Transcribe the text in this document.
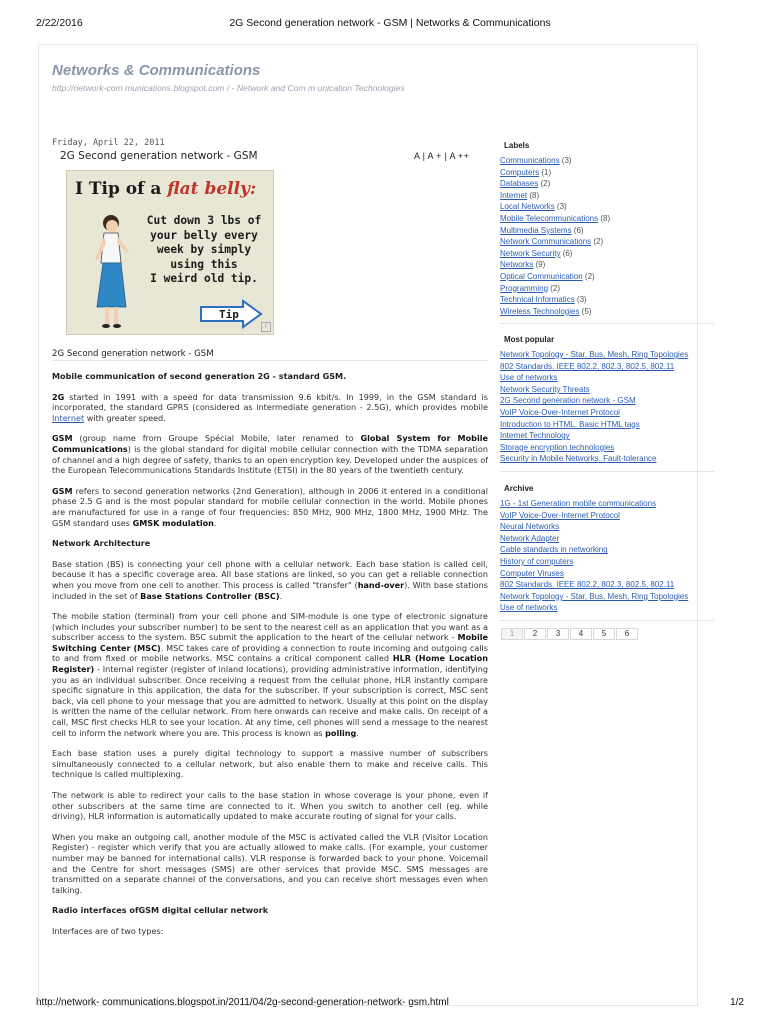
2/22/2016	2G Second generation network - GSM | Networks & Communications
http://network- communications.blogspot.in/2011/04/2g-second-generation-network- gsm.html	1/2
Networks & Communications
http://network-com munications.blogspot.com / - Network and Com m unication Technologies
Friday, April 22, 2011
2G Second generation network - GSM	A | A + | A ++
I Tip of a flat belly:
Cut down 3 lbs of
your belly every
week by simply
using this
I weird old tip.
Tip
i
2G Second generation network - GSM

Mobile communication of second generation 2G - standard GSM.

2G started in 1991 with a speed for data transmission 9.6 kbit/s. In 1999, in the GSM standard is incorporated, the standard GPRS (considered as intermediate generation - 2.5G), which provides mobile Internet with greater speed.

GSM (group name from Groupe Spécial Mobile, later renamed to Global System for Mobile Communications) is the global standard for digital mobile cellular connection with the TDMA separation of channel and a high degree of safety, thanks to an open encryption key. Developed under the auspices of the European Telecommunications Standards Institute (ETSI) in the 80 years of the twentieth century.

GSM refers to second generation networks (2nd Generation), although in 2006 it entered in a conditional phase 2.5 G and is the most popular standard for mobile cellular connection in the world. Mobile phones are manufactured for use in a range of four frequencies: 850 MHz, 900 MHz, 1800 MHz, 1900 MHz. The GSM standard uses GMSK modulation.

Network Architecture

Base station (BS) is connecting your cell phone with a cellular network. Each base station is called cell, because it has a specific coverage area. All base stations are linked, so you can get a reliable connection when you move from one cell to another. This process is called "transfer" (hand-over). With base stations included in the set of Base Stations Controller (BSC).

The mobile station (terminal) from your cell phone and SIM-module is one type of electronic signature (which includes your subscriber number) to be sent to the nearest cell as an application that you want as a subscriber access to the system. BSC submit the application to the heart of the cellular network - Mobile Switching Center (MSC). MSC takes care of providing a connection to route incoming and outgoing calls to and from fixed or mobile networks. MSC contains a critical component called HLR (Home Location Register) - Internal register (register of inland locations), providing administrative information, identifying you as an individual subscriber. Once receiving a request from the cellular phone, HLR instantly compare specific signature in this application, the data for the subscriber. If your subscription is correct, MSC sent back, via cell phone to your message that you are admitted to network. Usually at this point on the display is written the name of the cellular network. From here onwards can receive and make calls. On receipt of a call, MSC first checks HLR to see your location. At any time, cell phones will send a message to the nearest cell to inform the network where you are. This process is known as polling.

Each base station uses a purely digital technology to support a massive number of subscribers simultaneously connected to a cellular network, but also enable them to make and receive calls. This technique is called multiplexing.

The network is able to redirect your calls to the base station in whose coverage is your phone, even if other subscribers at the same time are connected to it. When you switch to another cell (eg. while driving), HLR information is automatically updated to make accurate routing of signal for your calls.

When you make an outgoing call, another module of the MSC is activated called the VLR (Visitor Location Register) - register which verify that you are actually allowed to make calls. (For example, your customer number may be banned for international calls). VLR response is forwarded back to your phone. Voicemail and the Centre for short messages (SMS) are other services that provide MSC. SMS messages are transmitted on a separate channel of the conversations, and you can receive short messages even when talking.

Radio interfaces ofGSM digital cellular network

Interfaces are of two types:

Labels
Communications (3)
Computers (1)
Databases (2)
Internet (8)
Local Networks (3)
Mobile Telecommunications (8)
Multimedia Systems (6)
Network Communications (2)
Network Security (6)
Networks (9)
Optical Communication (2)
Programming (2)
Technical Informatics (3)
Wireless Technologies (5)
Most popular
Network Topology - Star, Bus, Mesh, Ring Topologies
802 Standards. IEEE 802.2, 802.3, 802.5, 802.11
Use of networks
Network Security Threats
2G Second generation network - GSM
VoIP Voice-Over-Internet Protocol
Introduction to HTML. Basic HTML tags
Internet Technology
Storage encryption technologies
Security in Mobile Networks. Fault-tolerance
Archive
1G - 1st Generation mobile communications
VoIP Voice-Over-Internet Protocol
Neural Networks
Network Adapter
Cable standards in networking
History of computers
Computer Viruses
802 Standards. IEEE 802.2, 802.3, 802.5, 802.11
Network Topology - Star, Bus, Mesh, Ring Topologies
Use of networks
1	2	3	4	5	6
